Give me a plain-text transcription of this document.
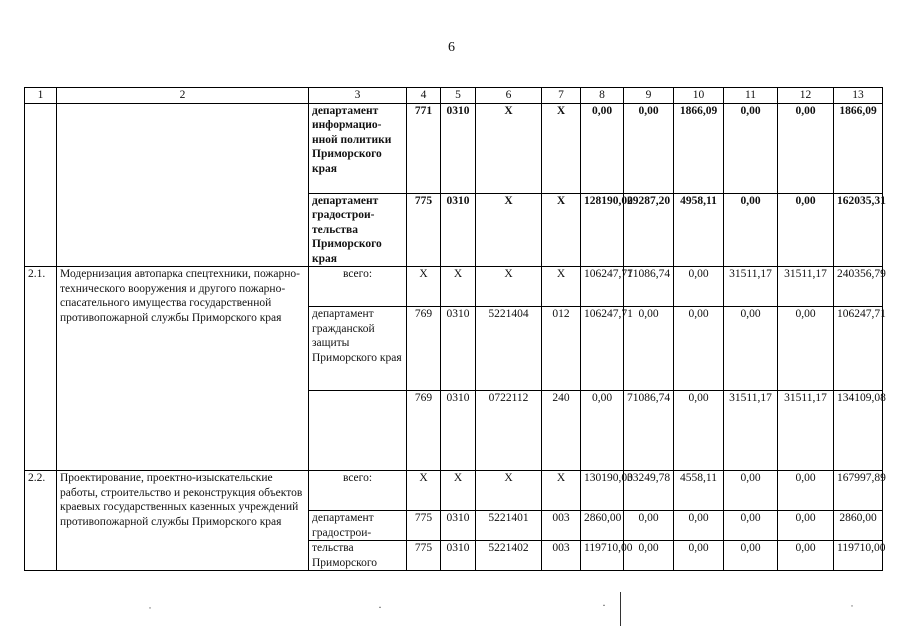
6
1	2	3	4	5	6	7	8	9	10	11	12	13
		департамент информацио-нной политики Приморского края	771	0310	X	X	0,00	0,00	1866,09	0,00	0,00	1866,09
		департамент градострои-тельства Приморского края	775	0310	X	X	128190,00	29287,20	4958,11	0,00	0,00	162035,31
2.1.	Модернизация автопарка спецтехники, пожарно-технического вооружения и другого пожарно-спасательного имущества государственной противопожарной службы Приморского края	всего:	X	X	X	X	106247,71	71086,74	0,00	31511,17	31511,17	240356,79
		департамент гражданской защиты Приморского края	769	0310	5221404	012	106247,71	0,00	0,00	0,00	0,00	106247,71
			769	0310	0722112	240	0,00	71086,74	0,00	31511,17	31511,17	134109,08
2.2.	Проектирование, проектно-изыскательские работы, строительство и реконструкция объектов краевых государственных казенных учреждений противопожарной службы Приморского края	всего:	X	X	X	X	130190,00	33249,78	4558,11	0,00	0,00	167997,89
		департамент градострои-	775	0310	5221401	003	2860,00	0,00	0,00	0,00	0,00	2860,00
		тельства Приморского	775	0310	5221402	003	119710,00	0,00	0,00	0,00	0,00	119710,00
˙	·	·	˙
